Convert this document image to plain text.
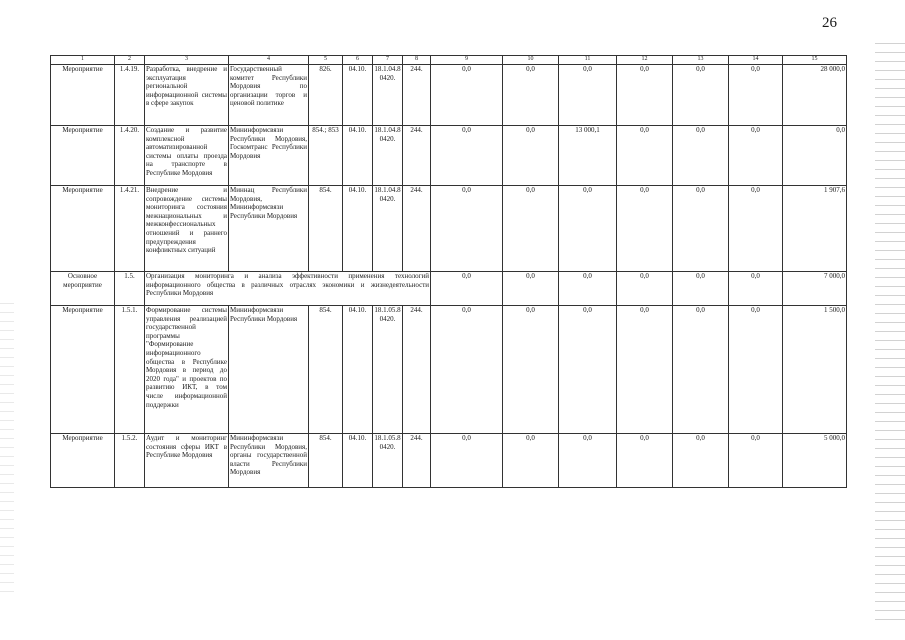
26
1	2	3	4	5	6	7	8	9	10	11	12	13	14	15
Мероприятие	1.4.19.	Разработка, внедрение и эксплуатация региональной информационной системы в сфере закупок	Государственный комитет Республики Мордовия по организации торгов и ценовой политике	826.	04.10.	18.1.04.8 0420.	244.	0,0	0,0	0,0	0,0	0,0	0,0	28 000,0
Мероприятие	1.4.20.	Создание и развитие комплексной автоматизированной системы оплаты проезда на транспорте в Республике Мордовия	Мининформсвязи Республики Мордовия, Госкомтранс Республики Мордовия	854.; 853	04.10.	18.1.04.8 0420.	244.	0,0	0,0	13 000,1	0,0	0,0	0,0	0,0
Мероприятие	1.4.21.	Внедрение и сопровождение системы мониторинга состояния межнациональных и межконфессиональных отношений и раннего предупреждения конфликтных ситуаций	Миннац Республики Мордовия, Мининформсвязи Республики Мордовия	854.	04.10.	18.1.04.8 0420.	244.	0,0	0,0	0,0	0,0	0,0	0,0	1 907,6
Основное мероприятие	1.5.	Организация мониторинга и анализа эффективности применения технологий информационного общества в различных отраслях экономики и жизнедеятельности Республики Мордовия						0,0	0,0	0,0	0,0	0,0	0,0	7 000,0
Мероприятие	1.5.1.	Формирование системы управления реализацией государственной программы "Формирование информационного общества в Республике Мордовия в период до 2020 года" и проектов по развитию ИКТ, в том числе информационной поддержки	Мининформсвязи Республики Мордовия	854.	04.10.	18.1.05.8 0420.	244.	0,0	0,0	0,0	0,0	0,0	0,0	1 500,0
Мероприятие	1.5.2.	Аудит и мониторинг состояния сферы ИКТ в Республике Мордовия	Мининформсвязи Республики Мордовия, органы государственной власти Республики Мордовия	854.	04.10.	18.1.05.8 0420.	244.	0,0	0,0	0,0	0,0	0,0	0,0	5 000,0
